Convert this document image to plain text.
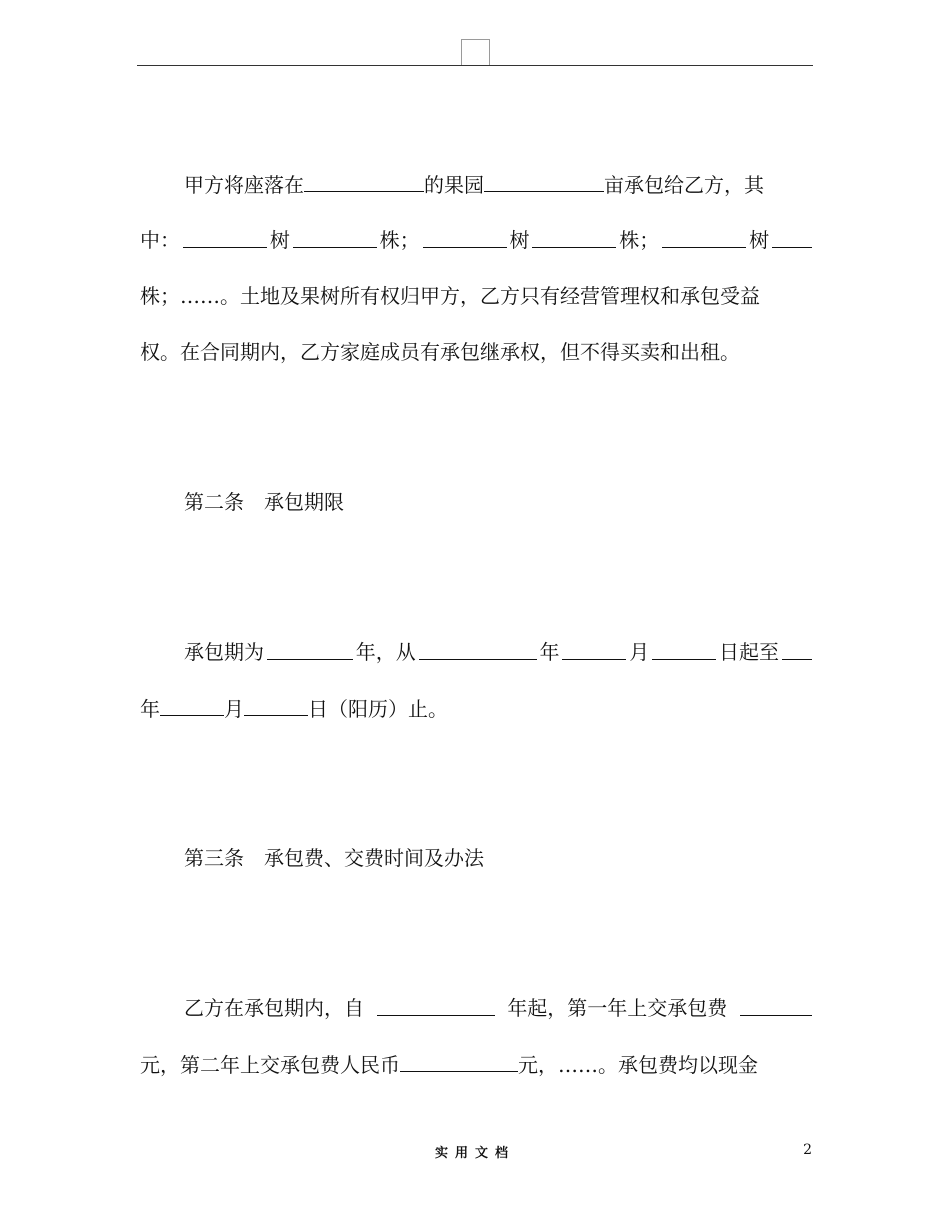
甲方将座落在	的果园	亩承包给乙方，其
中：	树	株；	树	株；	树
株；……。土地及果树所有权归甲方，乙方只有经营管理权和承包受益
权。在合同期内，乙方家庭成员有承包继承权，但不得买卖和出租。
第二条　承包期限
承包期为	年，从	年	月	日起至
年	月	日（阳历）止。
第三条　承包费、交费时间及办法
乙方在承包期内，自	年起，第一年上交承包费
元，第二年上交承包费人民币	元，……。承包费均以现金
实用文档	2
